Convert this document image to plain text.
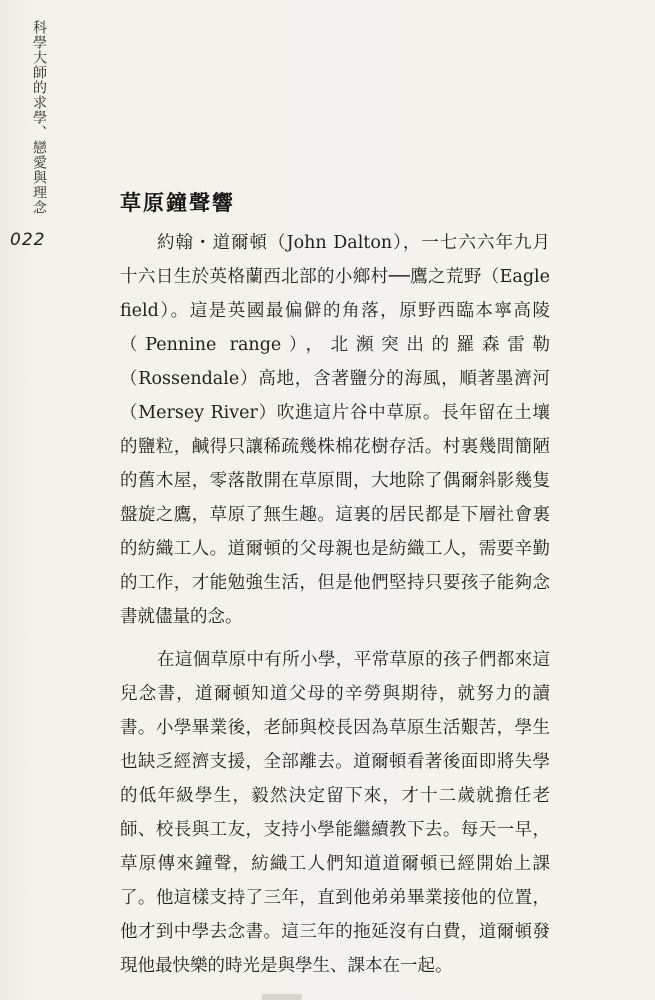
科學大師的求學、戀愛與理念
022
草原鐘聲響

約翰・道爾頓（John Dalton），一七六六年九月十六日生於英格蘭西北部的小鄉村──鷹之荒野（Eagle field）。這是英國最偏僻的角落，原野西臨本寧高陵（Pennine range），北瀕突出的羅森雷勒（Rossendale）高地，含著鹽分的海風，順著墨濟河（Mersey River）吹進這片谷中草原。長年留在土壤的鹽粒，鹹得只讓稀疏幾株棉花樹存活。村裏幾間簡陋的舊木屋，零落散開在草原間，大地除了偶爾斜影幾隻盤旋之鷹，草原了無生趣。這裏的居民都是下層社會裏的紡織工人。道爾頓的父母親也是紡織工人，需要辛勤的工作，才能勉強生活，但是他們堅持只要孩子能夠念書就儘量的念。

在這個草原中有所小學，平常草原的孩子們都來這兒念書，道爾頓知道父母的辛勞與期待，就努力的讀書。小學畢業後，老師與校長因為草原生活艱苦，學生也缺乏經濟支援，全部離去。道爾頓看著後面即將失學的低年級學生，毅然決定留下來，才十二歲就擔任老師、校長與工友，支持小學能繼續教下去。每天一早，草原傳來鐘聲，紡織工人們知道道爾頓已經開始上課了。他這樣支持了三年，直到他弟弟畢業接他的位置，他才到中學去念書。這三年的拖延沒有白費，道爾頓發現他最快樂的時光是與學生、課本在一起。
